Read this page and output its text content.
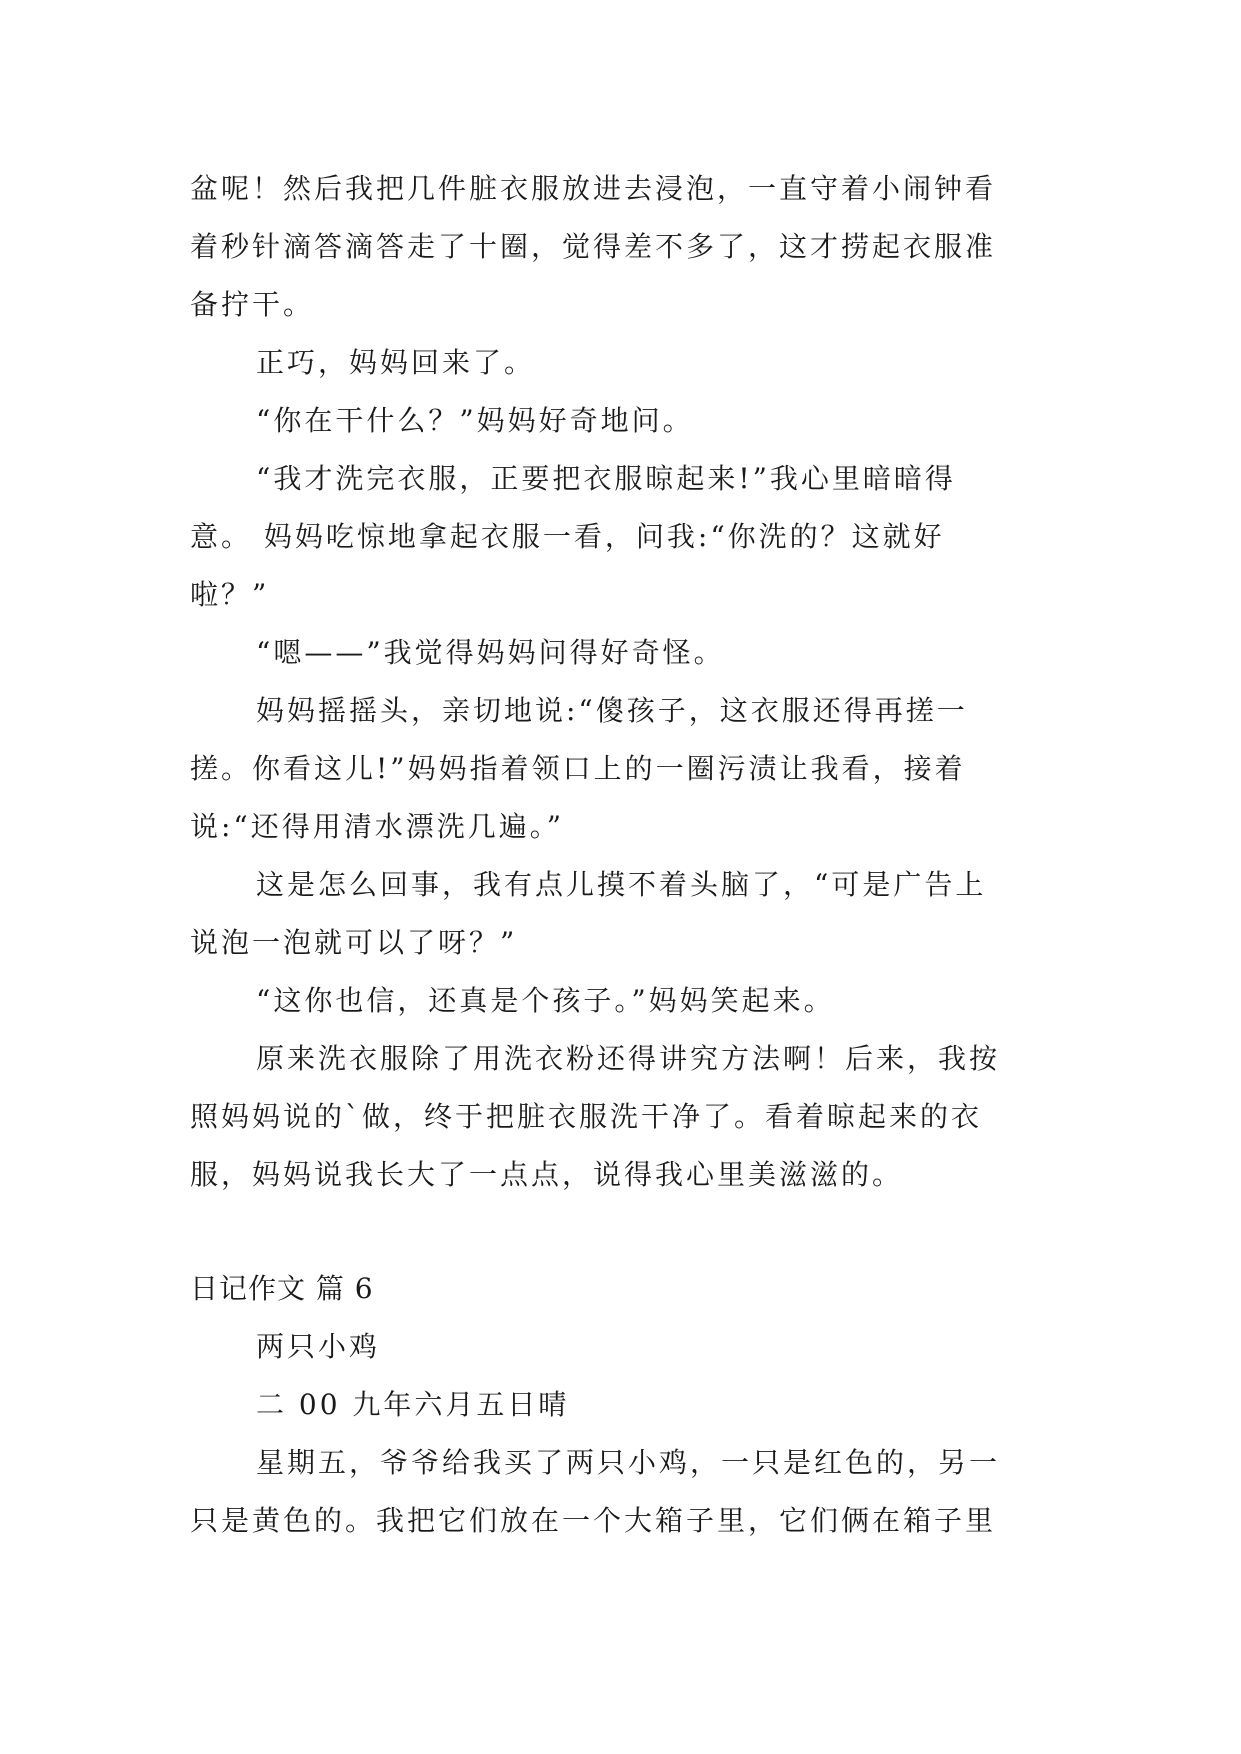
盆呢！然后我把几件脏衣服放进去浸泡，一直守着小闹钟看
着秒针滴答滴答走了十圈，觉得差不多了，这才捞起衣服准
备拧干。
正巧，妈妈回来了。
“你在干什么？”妈妈好奇地问。
“我才洗完衣服，正要把衣服晾起来!”我心里暗暗得
意。 妈妈吃惊地拿起衣服一看，问我:“你洗的？这就好
啦？”
“嗯——”我觉得妈妈问得好奇怪。
妈妈摇摇头，亲切地说:“傻孩子，这衣服还得再搓一
搓。你看这儿!”妈妈指着领口上的一圈污渍让我看，接着
说:“还得用清水漂洗几遍。”
这是怎么回事，我有点儿摸不着头脑了，“可是广告上
说泡一泡就可以了呀？”
“这你也信，还真是个孩子。”妈妈笑起来。
原来洗衣服除了用洗衣粉还得讲究方法啊！后来，我按
照妈妈说的`做，终于把脏衣服洗干净了。看着晾起来的衣
服，妈妈说我长大了一点点，说得我心里美滋滋的。
日记作文 篇 6
两只小鸡
二 00 九年六月五日晴
星期五，爷爷给我买了两只小鸡，一只是红色的，另一
只是黄色的。我把它们放在一个大箱子里，它们俩在箱子里
